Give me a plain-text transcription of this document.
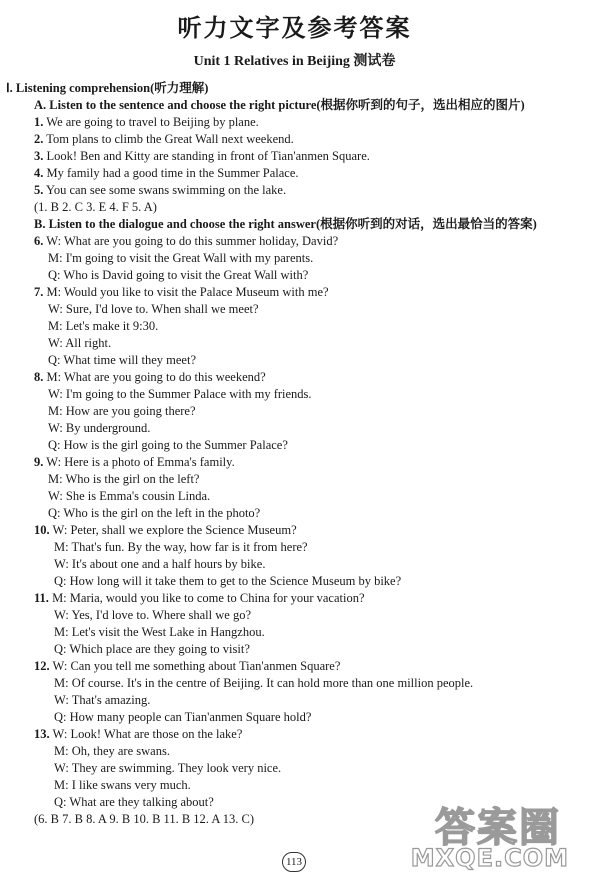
听力文字及参考答案
Unit 1 Relatives in Beijing 测试卷
Ⅰ. Listening comprehension(听力理解)
A. Listen to the sentence and choose the right picture(根据你听到的句子，选出相应的图片)
1. We are going to travel to Beijing by plane.
2. Tom plans to climb the Great Wall next weekend.
3. Look! Ben and Kitty are standing in front of Tian'anmen Square.
4. My family had a good time in the Summer Palace.
5. You can see some swans swimming on the lake.
(1. B 2. C 3. E 4. F 5. A)
B. Listen to the dialogue and choose the right answer(根据你听到的对话，选出最恰当的答案)
6. W: What are you going to do this summer holiday, David?
M: I'm going to visit the Great Wall with my parents.
Q: Who is David going to visit the Great Wall with?
7. M: Would you like to visit the Palace Museum with me?
W: Sure, I'd love to. When shall we meet?
M: Let's make it 9:30.
W: All right.
Q: What time will they meet?
8. M: What are you going to do this weekend?
W: I'm going to the Summer Palace with my friends.
M: How are you going there?
W: By underground.
Q: How is the girl going to the Summer Palace?
9. W: Here is a photo of Emma's family.
M: Who is the girl on the left?
W: She is Emma's cousin Linda.
Q: Who is the girl on the left in the photo?
10. W: Peter, shall we explore the Science Museum?
M: That's fun. By the way, how far is it from here?
W: It's about one and a half hours by bike.
Q: How long will it take them to get to the Science Museum by bike?
11. M: Maria, would you like to come to China for your vacation?
W: Yes, I'd love to. Where shall we go?
M: Let's visit the West Lake in Hangzhou.
Q: Which place are they going to visit?
12. W: Can you tell me something about Tian'anmen Square?
M: Of course. It's in the centre of Beijing. It can hold more than one million people.
W: That's amazing.
Q: How many people can Tian'anmen Square hold?
13. W: Look! What are those on the lake?
M: Oh, they are swans.
W: They are swimming. They look very nice.
M: I like swans very much.
Q: What are they talking about?
(6. B 7. B 8. A 9. B 10. B 11. B 12. A 13. C)
113
答案圈
MXQE.COM
